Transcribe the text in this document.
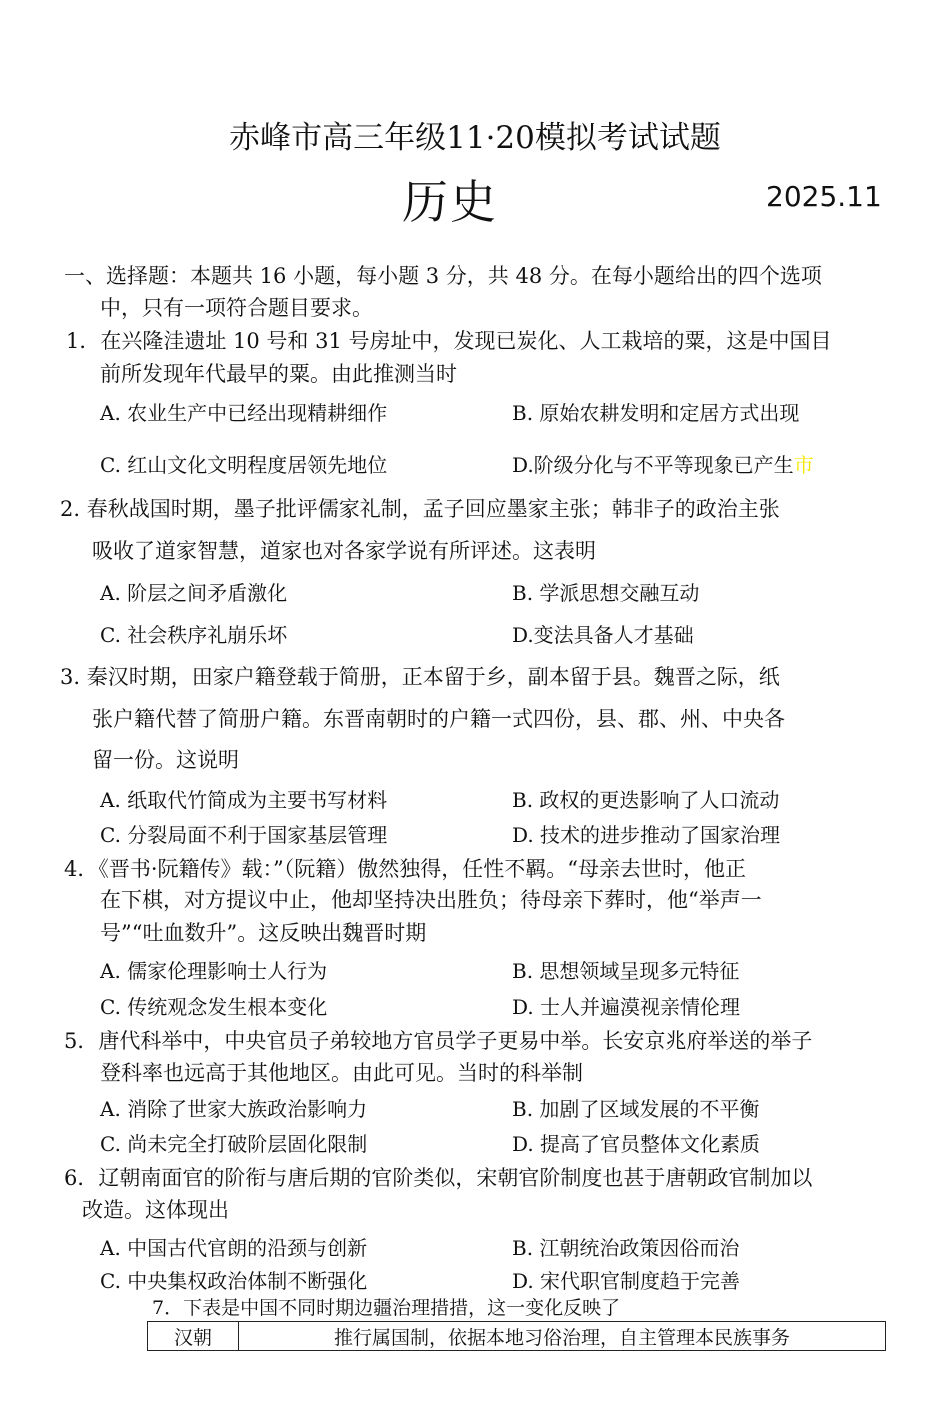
赤峰市高三年级11·20模拟考试试题
历史	2025.11
一、选择题：本题共 16 小题，每小题 3 分，共 48 分。在每小题给出的四个选项
中，只有一项符合题目要求。
1．在兴隆洼遗址 10 号和 31 号房址中，发现已炭化、人工栽培的粟，这是中国目
前所发现年代最早的粟。由此推测当时
A. 农业生产中已经出现精耕细作	B. 原始农耕发明和定居方式出现
C. 红山文化文明程度居领先地位	D.阶级分化与不平等现象已产生市
2. 春秋战国时期，墨子批评儒家礼制，孟子回应墨家主张；韩非子的政治主张
吸收了道家智慧，道家也对各家学说有所评述。这表明
A. 阶层之间矛盾激化	B. 学派思想交融互动
C. 社会秩序礼崩乐坏	D.变法具备人才基础
3. 秦汉时期，田家户籍登载于简册，正本留于乡，副本留于县。魏晋之际，纸
张户籍代替了简册户籍。东晋南朝时的户籍一式四份，县、郡、州、中央各
留一份。这说明
A. 纸取代竹简成为主要书写材料	B. 政权的更迭影响了人口流动
C. 分裂局面不利于国家基层管理	D. 技术的进步推动了国家治理
4．《晋书·阮籍传》载：”（阮籍）傲然独得，任性不羁。“母亲去世时，他正
在下棋，对方提议中止，他却坚持决出胜负；待母亲下葬时，他“举声一
号”“吐血数升”。这反映出魏晋时期
A. 儒家伦理影响士人行为	B. 思想领域呈现多元特征
C. 传统观念发生根本变化	D. 士人并遍漠视亲情伦理
5．唐代科举中，中央官员子弟较地方官员学子更易中举。长安京兆府举送的举子
登科率也远高于其他地区。由此可见。当时的科举制
A. 消除了世家大族政治影响力	B. 加剧了区域发展的不平衡
C. 尚未完全打破阶层固化限制	D. 提高了官员整体文化素质
6．辽朝南面官的阶衔与唐后期的官阶类似，宋朝官阶制度也甚于唐朝政官制加以
改造。这体现出
A. 中国古代官朗的沿颈与创新	B. 江朝统治政策因俗而治
C. 中央集权政治体制不断强化	D. 宋代职官制度趋于完善
7．下表是中国不同时期边疆治理措措，这一变化反映了
汉朝	推行属国制，依据本地习俗治理，自主管理本民族事务
